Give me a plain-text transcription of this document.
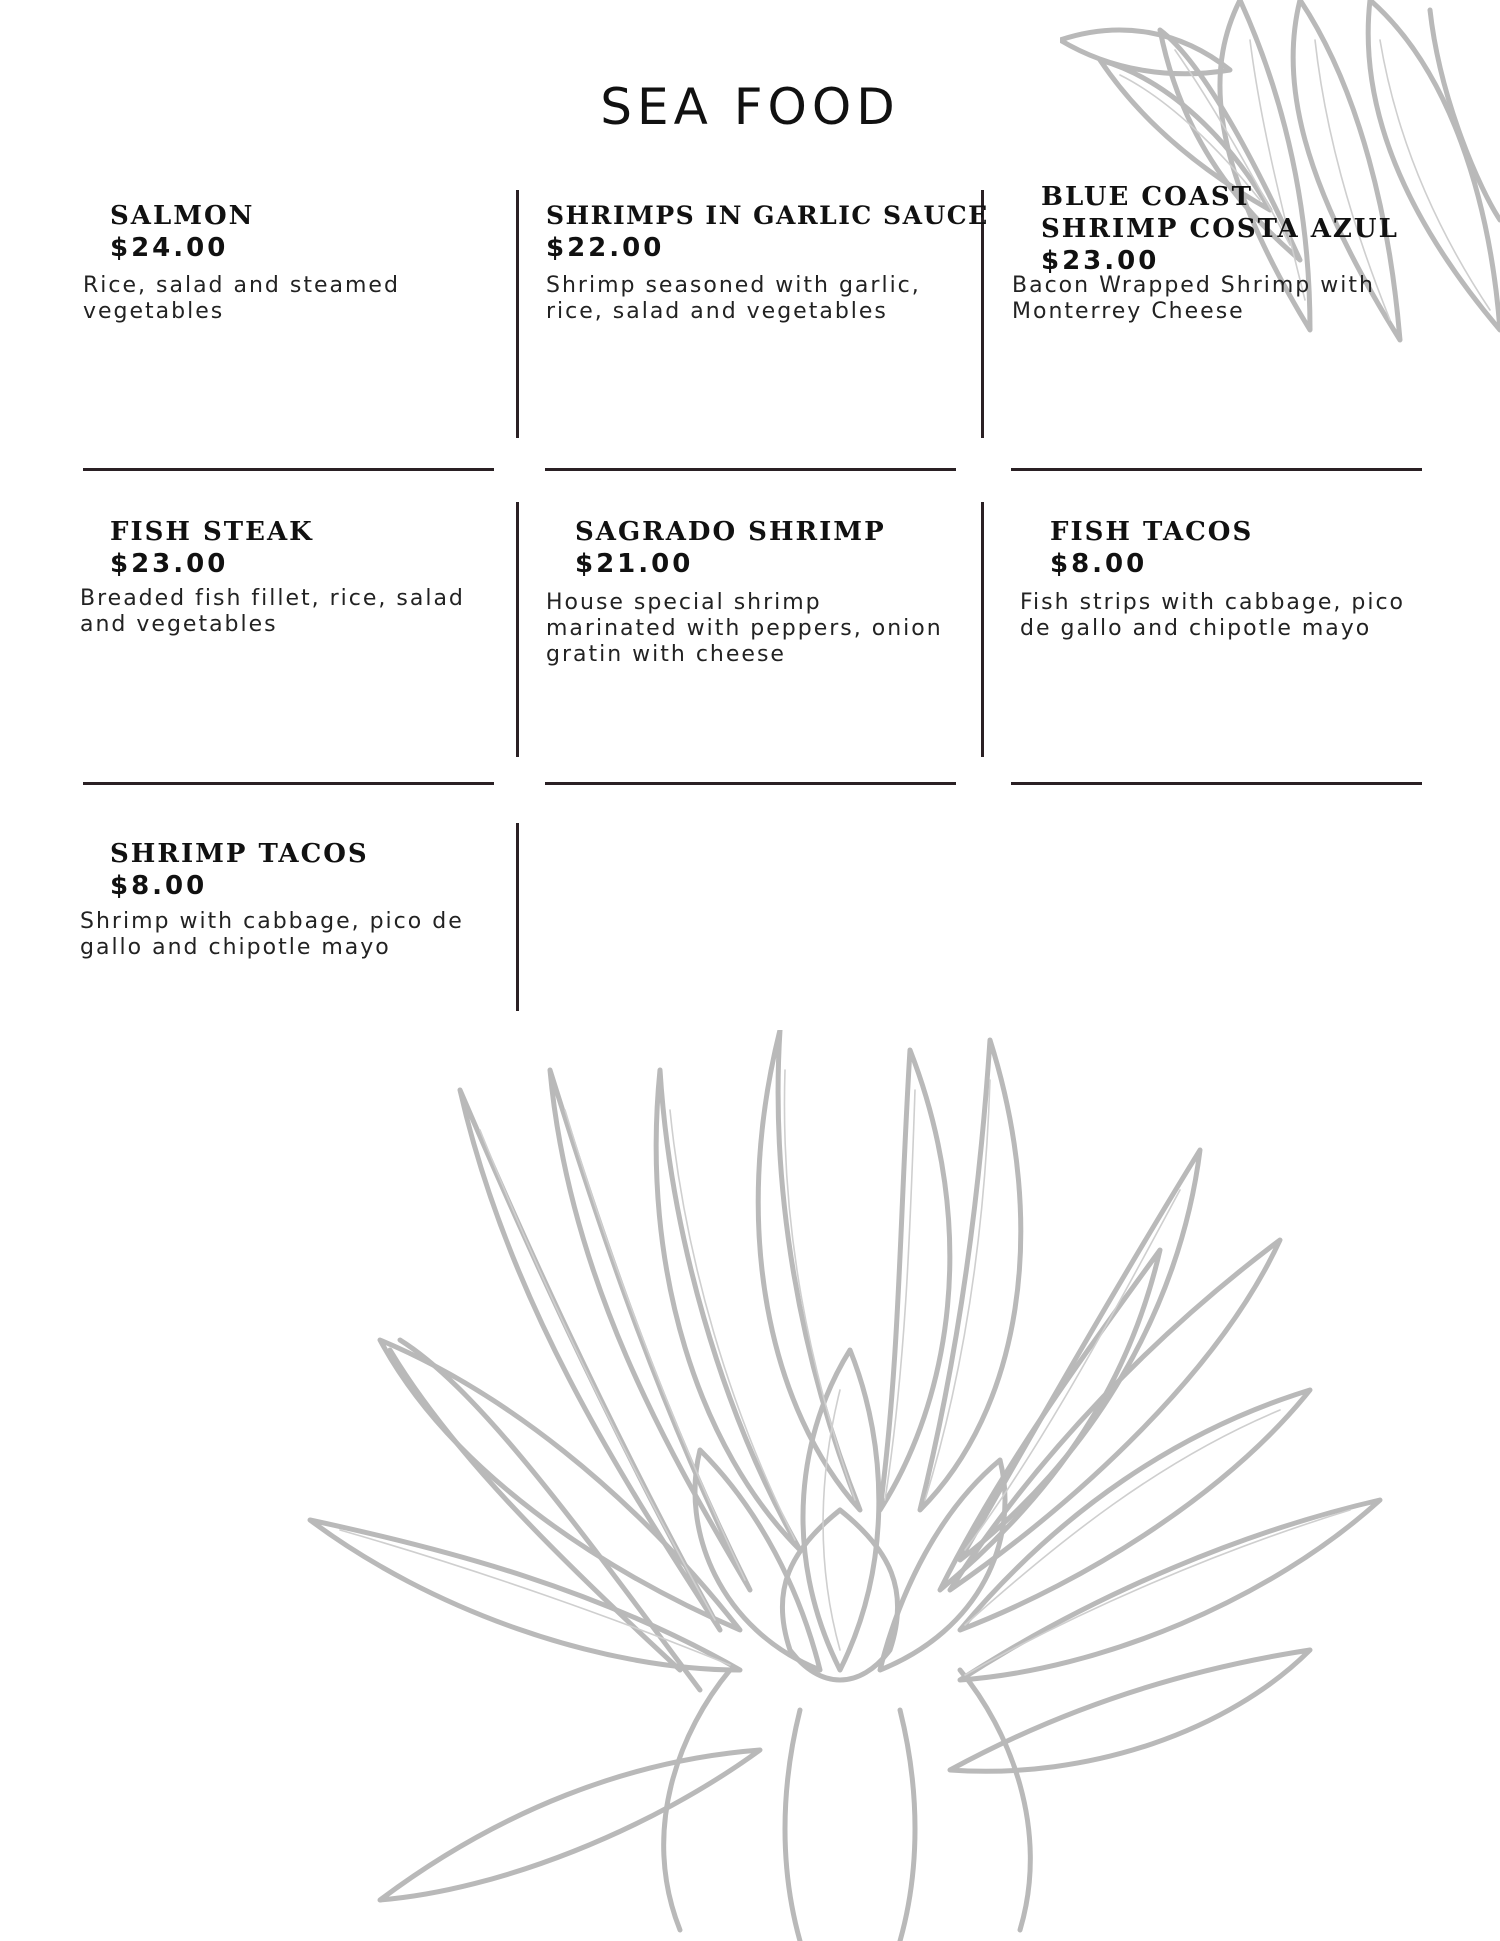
SEA FOOD
SALMON
$24.00
Rice, salad and steamed vegetables
SHRIMPS IN GARLIC SAUCE
$22.00
Shrimp seasoned with garlic, rice, salad and vegetables
BLUE COAST SHRIMP COSTA AZUL
$23.00
Bacon Wrapped Shrimp with Monterrey Cheese
FISH STEAK
$23.00
Breaded fish fillet, rice, salad and vegetables
SAGRADO SHRIMP
$21.00
House special shrimp marinated with peppers, onion gratin with cheese
FISH TACOS
$8.00
Fish strips with cabbage, pico de gallo and chipotle mayo
SHRIMP TACOS
$8.00
Shrimp with cabbage, pico de gallo and chipotle mayo
